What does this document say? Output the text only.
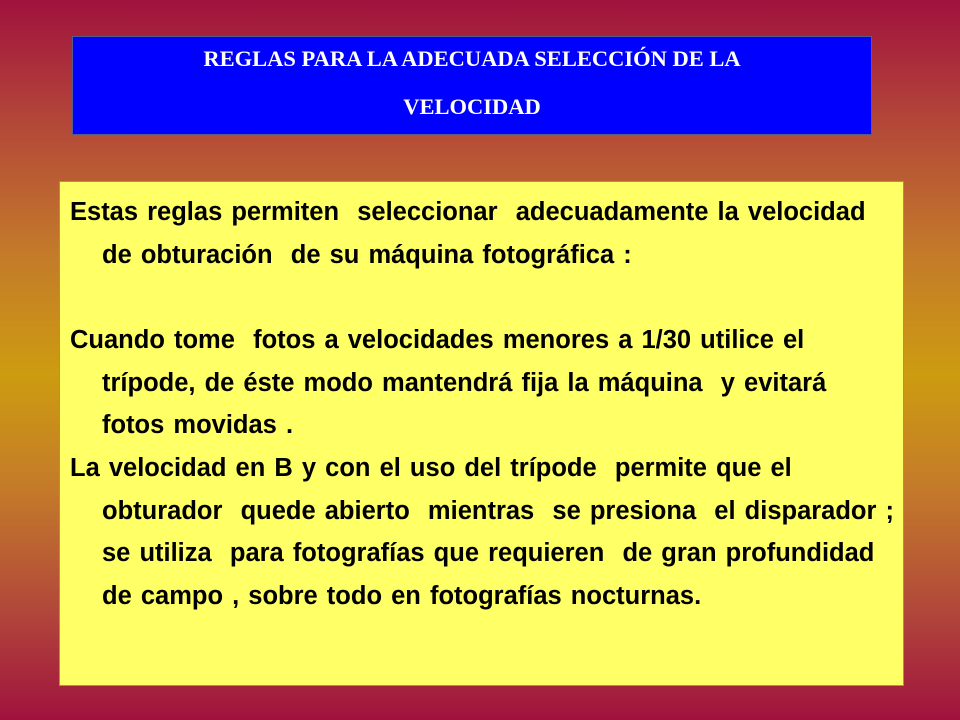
REGLAS PARA LA ADECUADA SELECCIÓN DE LA
VELOCIDAD

Estas reglas permiten  seleccionar  adecuadamente la velocidad de obturación  de su máquina fotográfica :

Cuando tome  fotos a velocidades menores a 1/30 utilice el trípode, de éste modo mantendrá fija la máquina  y evitará  fotos movidas .

La velocidad en B y con el uso del trípode  permite que el obturador  quede abierto  mientras  se presiona  el disparador ; se utiliza  para fotografías que requieren  de gran profundidad de campo , sobre todo en fotografías nocturnas.
